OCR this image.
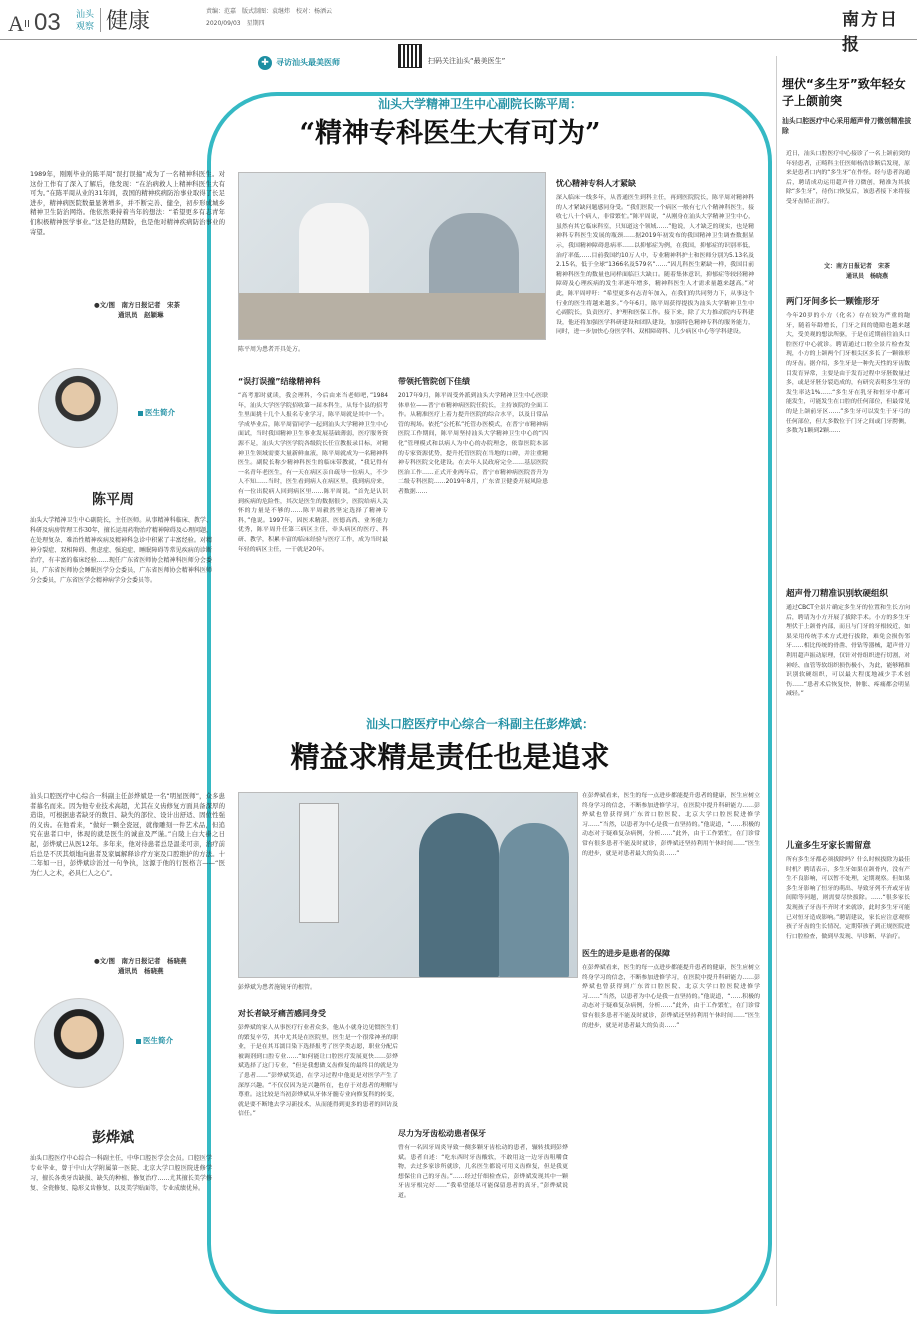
A II 03 汕头
观察 健康	责编：范嘉　版式制图：袁继炜　校对：杨洒云
2020/09/03　星期四	南方日报
✚ 寻访汕头最美医师	扫码关注汕头“最美医生”
汕头大学精神卫生中心副院长陈平周：
“精神专科医生大有可为”
1989年，刚刚毕业的陈平周“误打误撞”成为了一名精神科医生。对这份工作有了深入了解后，他发现：“在治病救人上精神科医生大有可为。”在陈平周从业的31年间，我国的精神疾病防治事业取得了长足进步，精神病医院数量显著增多，并不断完善、健全，初步形成城乡精神卫生防治网络。他依然秉持着当年的想法：“希望更多有志青年们积极精神医学事业。”这是他的期盼，也是他对精神疾病防治事业的寄望。
●文/图　南方日报记者　宋茶
通讯员　赵颖琳
陈平周为患者开具处方。
医生简介
陈平周
汕头大学精神卫生中心副院长，主任医师。从事精神科临床、教学、科研及病房管理工作30年，擅长运用药物治疗精神障碍及心理问题，在处理复杂、难治性精神疾病及精神科急诊中积累了丰富经验。对精神分裂症、双相障碍、焦虑症、强迫症、睡眠障碍等常见疾病的诊断治疗，有丰富的临床经验……现任广东省医师协会精神科医师分会委员，广东省医师协会睡眠医学分会委员，广东省医师协会精神科医师分会委员，广东省医学会精神病学分会委员等。
“误打误撞”结缘精神科
“高考那时就读，我会理科，今后由来当老师吧，”1984年，汕头大学医学院招收第一届本科生，从每个县的招考生里面挑十几个人报名专业学习，陈平周就是其中一个。学成毕业后，陈平周留同学一起到汕头大学精神卫生中心面试，当时我国精神卫生事业发展基础薄弱，医疗服务资源不足，汕头大学医学院各级院长任宣教报录目标，对精神卫生领域需要大量新鲜血液，陈平周就成为一名精神科医生。副院长称少精神科医生的临床带教就，“我记得有一名青年老医生，有一天在病区亲自疏导一位病人，不少人不知……当时，医生看到病人在病区里，我到病房来，有一位出院病人回到病区里……陈平周说。“首先是认识到疾病的危险性，其次是医生的数据很少，医院给病人关怀的力量是不够的……陈平周毅然坚定选择了精神专科，”他说。1997年，因医术精湛、医德高尚、业务能力优秀，陈平周升任第三病区主任，牵头病区的医疗、科研、教学，积累丰富的临床经验与医疗工作，成为当时最年轻的病区主任，一干就是20年。
带领托管院创下佳绩
2017年9月，陈平周受外派到汕头大学精神卫生中心医联体单位——普宁市精神病医院任院长，主持该院的全面工作。从精准医疗上着力提升医院的综合水平，以及日常品管的现场。依托“公托私”托管办医模式，在普宁市精神病医院工作期间，陈平周坚持汕头大学精神卫生中心的“四化”管理模式和以病人为中心的办院理念，依靠医院本部的专家资源优势，提升托管医院在当地的口碑，并注重精神专科医院文化建设。在去年人民政府完全……基层医院医治工作……正式开业两年后，普宁市精神病医院晋升为二级专科医院……2019年8月，广东省卫健委开展风险患者数据……
忧心精神专科人才紧缺
深入临床一线多年，从普通医生到科主任，再到医院院长，陈平周对精神科的人才紧缺问题感同身受。“我们医院一个病区一般有七八个精神科医生，接收七八十个病人，非常繁忙。”陈平周说，“从刚身在汕头大学精神卫生中心，虽然有其它临床科室，只知道这个领域……”他说，人才缺乏的现实，也是精神科专科医生发展的瓶颈……据2019年初发布的我国精神卫生调查数据显示，我国精神障碍患病率……以抑郁症为例，在我国，抑郁症的识别率低，治疗率低……目前我国约10万人中，专业精神科护士和医师分别为5.13名及2.15名，低于全球“1366名及579名”……“因儿科医生紧缺一样，我国目前精神科医生的数量也同样面临巨大缺口。随着集体意识，抑郁症等较轻精神障碍及心理疾病的发生率逐年增多，精神科医生人才需求量越来越高。”对此，陈平周呼吁：“希望更多有志青年加入，在我们的共同努力下，从事这个行业的医生将越来越多。”今年6月，陈平周获得提拔为汕头大学精神卫生中心副院长，负责医疗、护理和医保工作。接下来，除了大力推动院内专科建设，他还将加强医学科研建设和团队建设，加强特色精神专科的服务能力，同时，进一步加快心身医学科、双相障碍科、儿少病区中心等学科建设。
汕头口腔医疗中心综合一科副主任彭烨斌：
精益求精是责任也是追求
汕头口腔医疗中心综合一科副主任彭烨斌是一名“明星医师”，众多患者慕名而来。因为他专业技术高超，尤其在义齿修复方面具备深厚的造诣，可根据患者缺牙的数目、缺失的部位、设计出舒适、固位性强的义齿。在他看来，“做好一颗全瓷冠，就像雕刻一件艺术品，但追究在患者口中，体现的就是医生的诚意及严谨。”自陵上白大褂之日起，彭烨斌已从医12年。多年来，他对待患者总是温柔可亲，治疗前后总是不厌其烦地向患者及家属解释诊疗方案及口腔维护的方法。十二年如一日，彭烨斌诊治过一句争执，这源于他的行医格言——“医为仁人之术，必具仁人之心”。
●文/图　南方日报记者　杨晓燕
通讯员　杨晓燕
彭烨斌为患者施镜牙的根管。
医生简介
彭烨斌
汕头口腔医疗中心综合一科副主任，中华口腔医学会会员。口腔医学专业毕业，曾于中山大学附属第一医院、北京大学口腔医院进修学习，擅长各类牙齿缺损、缺失的种植、修复治疗……尤其擅长美学修复、全瓷修复、隐形义齿修复、以及美学贴面等，专业成绩优异。
对长者缺牙痛苦感同身受
彭烨斌的家人从事医疗行业者众多，他从小就身边见惯医生们的繁复辛劳，其中尤其是在医院里，医生是一个很常神圣的职业，于是在其耳濡目染下选择报考了医学类志愿，职业分配后被调剂到口腔专业……“如何能让口腔医疗发展更快……彭烨斌选择了这门专业，“但是我想做义齿修复的最终目的就是为了患者……”彭烨斌笑道，在学习过程中他更是对医学产生了深厚兴趣。“不仅仅因为是兴趣所在，也存于对患者的理解与尊重。这比较是当初彭烨斌从牙体牙髓专业向修复科的转变，就是要不断地去学习新技术，从而能得到更多的患者的回访及信任。”
尽力为牙齿松动患者保牙
曾有一名因牙周炎导致一侧多颗牙齿松动的患者，辗转找到彭烨斌。患者自述：“吃东西时牙齿酸软，不敢用这一边牙齿咀嚼食物，去过多家诊所就诊，几名医生都说可用义齿修复，但是我更想保住自己的牙齿。”……经过仔细检查后，彭烨斌发现其中一颗牙齿牙根完好……“我希望能尽可能保留患者的真牙，”彭烨斌说道。
在彭烨斌看来，医生的每一点进步都能提升患者的健康，医生应树立终身学习的信念，不断参加进修学习，在医院中提升科研能力……彭烨斌也曾获得到广东省口腔医院、北京大学口腔医院进修学习……“当然，以患者为中心是我一直坚持的。”他说道，“……积极的动态对于疑难复杂病例，分析……”此外，由于工作繁忙，在门诊常常有很多患者不能及时就诊，彭烨斌还坚持利用午休时间……“医生的进步，就是对患者最大的负责……”
医生的进步是患者的保障
在彭烨斌看来，医生的每一点进步都能提升患者的健康，医生应树立终身学习的信念，不断参加进修学习，在医院中提升科研能力……彭烨斌也曾获得到广东省口腔医院、北京大学口腔医院进修学习……“当然，以患者为中心是我一直坚持的。”他说道，“……积极的动态对于疑难复杂病例，分析……”此外，由于工作繁忙，在门诊常常有很多患者不能及时就诊，彭烨斌还坚持利用午休时间……“医生的进步，就是对患者最大的负责……”
埋伏“多生牙”致年轻女子上颌前突
汕头口腔医疗中心采用超声骨刀微创精准拔除
近日，汕头口腔医疗中心接诊了一名上颌前突的年轻患者，正畸科主任医师杨浩诊断后发现，原来是患者口内的“多生牙”在作怪。经与患者沟通后，聘请成功运用超声骨刀微创，精准为其拔除“多生牙”，待伤口恢复后，该患者接下来将接受牙齿矫正治疗。
文：南方日报记者　宋茶
通讯员　杨晓燕
两门牙间多长一颗锥形牙
今年20岁的小方（化名）存在较为严重的龅牙，随着年龄增长，门牙之间的缝隙也越来越大，受美观的想法所驱，于是在近期前往汕头口腔医疗中心就诊。聘请通过口腔全景片检查发现，小方的上颌两个门牙根尖区多长了一颗锥形的牙齿。据介绍，多生牙是一种先天性的牙齿数目发育异常，主要是由于发育过程中牙胚数量过多，或是牙胚分裂造成的，有研究表明多生牙的发生率达1%……“多生牙在乳牙和恒牙中都可能发生，可能发生在口腔的任何部位，但最常见的是上颌前牙区……”多生牙可以发生于牙弓的任何部位，但大多数位于门牙之间或门牙腭侧，多数为1颗到2颗……
超声骨刀精准识别软硬组织
通过CBCT全景片确定多生牙的位置和生长方向后，聘请为小方开展了拔除手术。小方的多生牙埋伏于上颌骨内部，而且与门牙的牙根较近，如果采用传统手术方式进行拔除，难免会损伤邻牙……相比传统的骨凿、骨钻等器械，超声骨刀利用超声振动原理，仅针对骨组织进行切割，对神经、血管等软组织损伤极小，为此，能够精准识别软硬组织，可以最大程度地减少手术创伤……“患者术后恢复快，肿胀、疼痛都会明显减轻。”
儿童多生牙家长需留意
所有多生牙都必须拔除吗？什么时候拔除为最佳时机？聘请表示，多生牙如果在颌骨内，没有产生不良影响，可以暂不处理，定期观察。但如果多生牙影响了恒牙的萌出、导致牙列不齐或牙齿间隙等问题，则需要尽快拔除。……“很多家长发现孩子牙齿不齐时才来就诊，此时多生牙可能已对恒牙造成影响。”聘请建议，家长应注意观察孩子牙齿的生长情况，定期带孩子到正规医院进行口腔检查，做到早发现、早诊断、早治疗。
